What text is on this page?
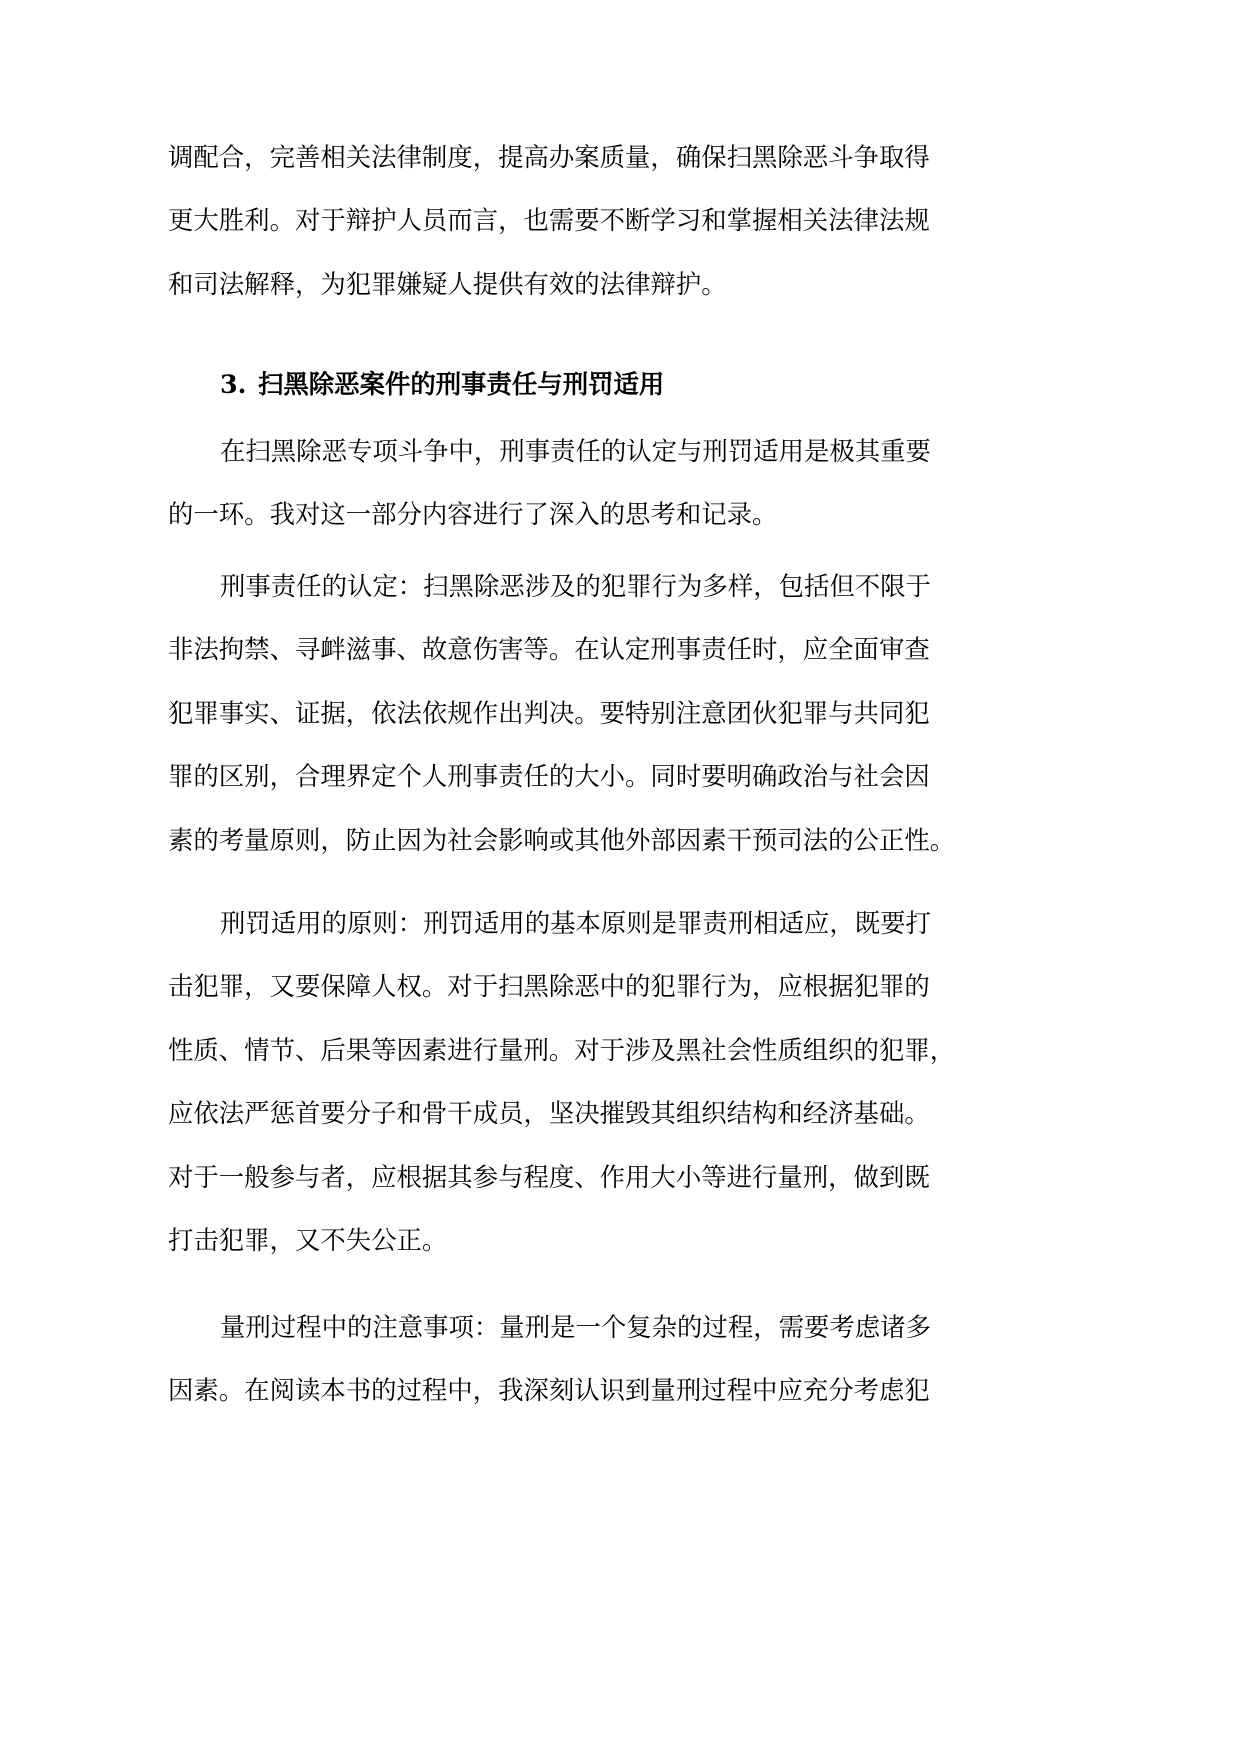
调配合，完善相关法律制度，提高办案质量，确保扫黑除恶斗争取得
更大胜利。对于辩护人员而言，也需要不断学习和掌握相关法律法规
和司法解释，为犯罪嫌疑人提供有效的法律辩护。
3. 扫黑除恶案件的刑事责任与刑罚适用
在扫黑除恶专项斗争中，刑事责任的认定与刑罚适用是极其重要
的一环。我对这一部分内容进行了深入的思考和记录。
刑事责任的认定：扫黑除恶涉及的犯罪行为多样，包括但不限于
非法拘禁、寻衅滋事、故意伤害等。在认定刑事责任时，应全面审查
犯罪事实、证据，依法依规作出判决。要特别注意团伙犯罪与共同犯
罪的区别，合理界定个人刑事责任的大小。同时要明确政治与社会因
素的考量原则，防止因为社会影响或其他外部因素干预司法的公正性。
刑罚适用的原则：刑罚适用的基本原则是罪责刑相适应，既要打
击犯罪，又要保障人权。对于扫黑除恶中的犯罪行为，应根据犯罪的
性质、情节、后果等因素进行量刑。对于涉及黑社会性质组织的犯罪，
应依法严惩首要分子和骨干成员，坚决摧毁其组织结构和经济基础。
对于一般参与者，应根据其参与程度、作用大小等进行量刑，做到既
打击犯罪，又不失公正。
量刑过程中的注意事项：量刑是一个复杂的过程，需要考虑诸多
因素。在阅读本书的过程中，我深刻认识到量刑过程中应充分考虑犯
